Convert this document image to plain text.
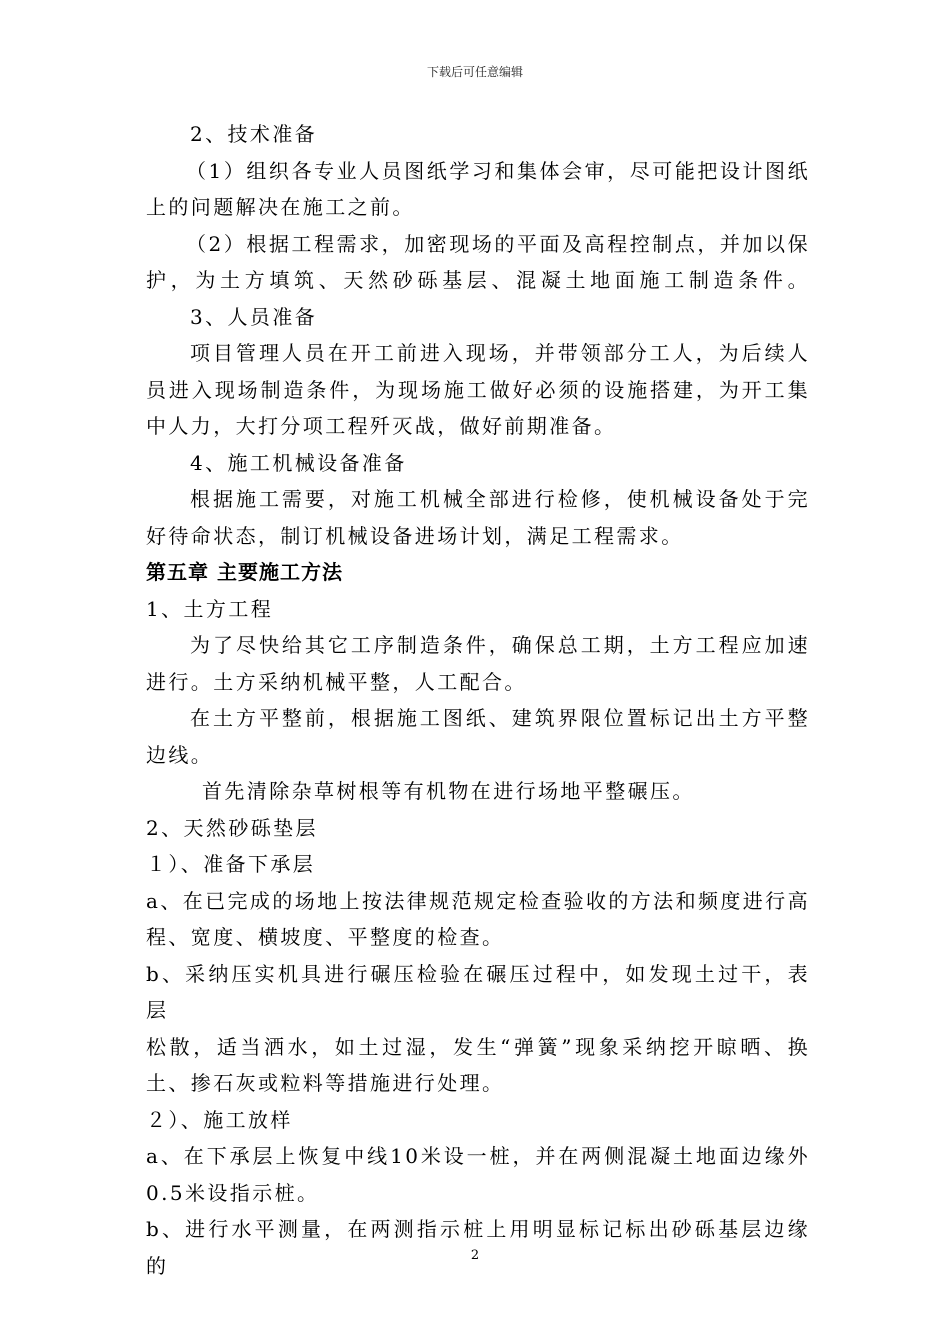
下载后可任意编辑
2、技术准备
（1）组织各专业人员图纸学习和集体会审，尽可能把设计图纸
上的问题解决在施工之前。
（2）根据工程需求，加密现场的平面及高程控制点，并加以保
护，为土方填筑、天然砂砾基层、混凝土地面施工制造条件。
3、人员准备
项目管理人员在开工前进入现场，并带领部分工人，为后续人
员进入现场制造条件，为现场施工做好必须的设施搭建，为开工集
中人力，大打分项工程歼灭战，做好前期准备。
4、施工机械设备准备
根据施工需要，对施工机械全部进行检修，使机械设备处于完
好待命状态，制订机械设备进场计划，满足工程需求。
第五章 主要施工方法
1、土方工程
为了尽快给其它工序制造条件，确保总工期，土方工程应加速
进行。土方采纳机械平整，人工配合。
在土方平整前，根据施工图纸、建筑界限位置标记出土方平整
边线。
首先清除杂草树根等有机物在进行场地平整碾压。
2、天然砂砾垫层
１）、准备下承层
a、在已完成的场地上按法律规范规定检查验收的方法和频度进行高
程、宽度、横坡度、平整度的检查。
b、采纳压实机具进行碾压检验在碾压过程中，如发现土过干，表层
松散，适当洒水，如土过湿，发生“弹簧”现象采纳挖开晾晒、换
土、掺石灰或粒料等措施进行处理。
２）、施工放样
a、在下承层上恢复中线10米设一桩，并在两侧混凝土地面边缘外
0.5米设指示桩。
b、进行水平测量，在两测指示桩上用明显标记标出砂砾基层边缘的	2
